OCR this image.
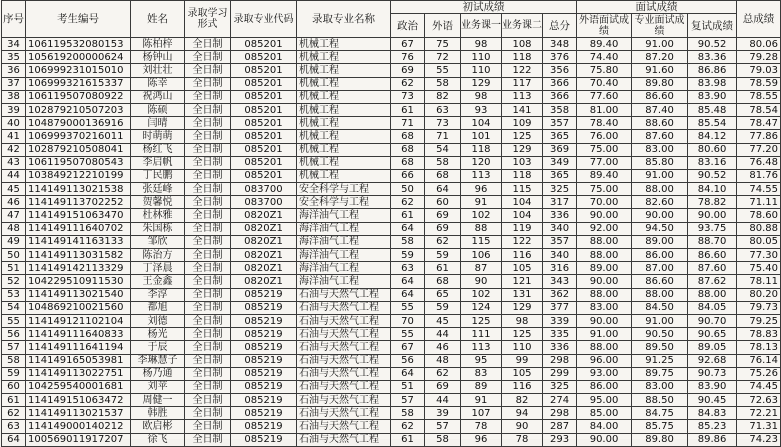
序号	考生编号	姓名	录取学习形式	录取专业代码	录取专业名称	初试成绩					面试成绩			总成绩
						政治	外语	业务课一	业务课二	总分	外语面试成绩	专业面试成绩	复试成绩	
34	106119532080153	陈柏梓	全日制	085201	机械工程	67	75	98	108	348	89.40	91.00	90.52	80.06
35	105619200000624	杨钟山	全日制	085201	机械工程	76	72	110	118	376	74.40	87.20	83.36	79.28
36	106999231015010	刘壮壮	全日制	085201	机械工程	69	55	110	122	356	75.80	91.60	86.86	79.03
37	106999321615337	陈幸	全日制	085201	机械工程	62	58	129	117	366	70.40	89.80	83.98	78.59
38	106119507080922	祝鸿山	全日制	085201	机械工程	73	82	98	113	366	77.60	86.60	83.90	78.55
39	102879210507203	陈硕	全日制	085201	机械工程	61	63	93	141	358	81.00	87.40	85.48	78.54
40	104879000136916	闫晴	全日制	085201	机械工程	71	73	104	109	357	78.40	88.60	85.54	78.47
41	106999370216011	时萌萌	全日制	085201	机械工程	68	71	101	125	365	76.00	87.60	84.12	77.86
42	102879210508041	杨红飞	全日制	085201	机械工程	68	54	118	129	369	75.00	83.00	80.60	77.20
43	106119507080543	李启帆	全日制	085201	机械工程	68	58	120	103	349	77.00	85.80	83.16	76.48
44	103849212210199	丁民鹏	全日制	085201	机械工程	66	68	113	118	365	89.40	91.00	90.52	81.76
45	114149113021538	张廷峰	全日制	083700	安全科学与工程	50	64	96	115	325	75.00	88.00	84.10	74.55
46	114149113702252	贺馨悦	全日制	083700	安全科学与工程	62	60	91	104	317	70.00	82.60	78.82	71.11
47	114149151063470	杜林雅	全日制	0820Z1	海洋油气工程	61	69	102	104	336	90.00	90.00	90.00	78.60
48	114149111640702	朱国栋	全日制	0820Z1	海洋油气工程	64	69	88	119	340	92.00	94.50	93.75	80.88
49	114149141163133	邹欣	全日制	0820Z1	海洋油气工程	58	62	115	122	357	88.00	89.00	88.70	80.05
50	114149113031582	陈治方	全日制	0820Z1	海洋油气工程	59	59	106	116	340	88.00	86.00	86.60	77.30
51	114149142113329	丁泽晨	全日制	0820Z1	海洋油气工程	63	61	87	105	316	89.00	87.00	87.60	75.40
52	104229510911530	王金鑫	全日制	0820Z1	海洋油气工程	64	68	90	121	343	90.00	86.60	87.62	78.11
53	114149113021540	李淳	全日制	085219	石油与天然气工程	64	65	102	131	362	88.00	88.00	88.00	80.20
54	104869210021560	都旭	全日制	085219	石油与天然气工程	55	59	124	129	377	83.00	84.50	84.05	79.73
55	114149121102104	刘德	全日制	085219	石油与天然气工程	70	45	125	98	339	90.00	91.00	90.70	79.25
56	114149111640833	杨光	全日制	085219	石油与天然气工程	55	44	111	125	335	91.00	90.50	90.65	78.83
57	114149111641194	于辰	全日制	085219	石油与天然气工程	67	46	113	110	336	88.00	89.50	89.05	78.13
58	114149165053981	李琳慧子	全日制	085219	石油与天然气工程	56	48	95	99	298	96.00	91.25	92.68	76.14
59	114149113022751	杨乃通	全日制	085219	石油与天然气工程	64	62	83	105	299	93.00	89.75	90.73	75.26
60	104259540001681	刘苹	全日制	085219	石油与天然气工程	51	69	89	116	325	86.00	83.00	83.90	74.45
61	114149151063472	周健一	全日制	085219	石油与天然气工程	57	44	91	82	274	95.00	88.50	90.45	72.63
62	114149113021537	韩胜	全日制	085219	石油与天然气工程	58	39	107	94	298	85.00	84.75	84.83	72.21
63	114149000140212	欧启彬	全日制	085219	石油与天然气工程	62	57	78	90	287	84.00	85.75	85.23	71.31
64	100569011917207	徐飞	全日制	085219	石油与天然气工程	61	58	96	78	293	90.00	89.80	89.86	74.23
